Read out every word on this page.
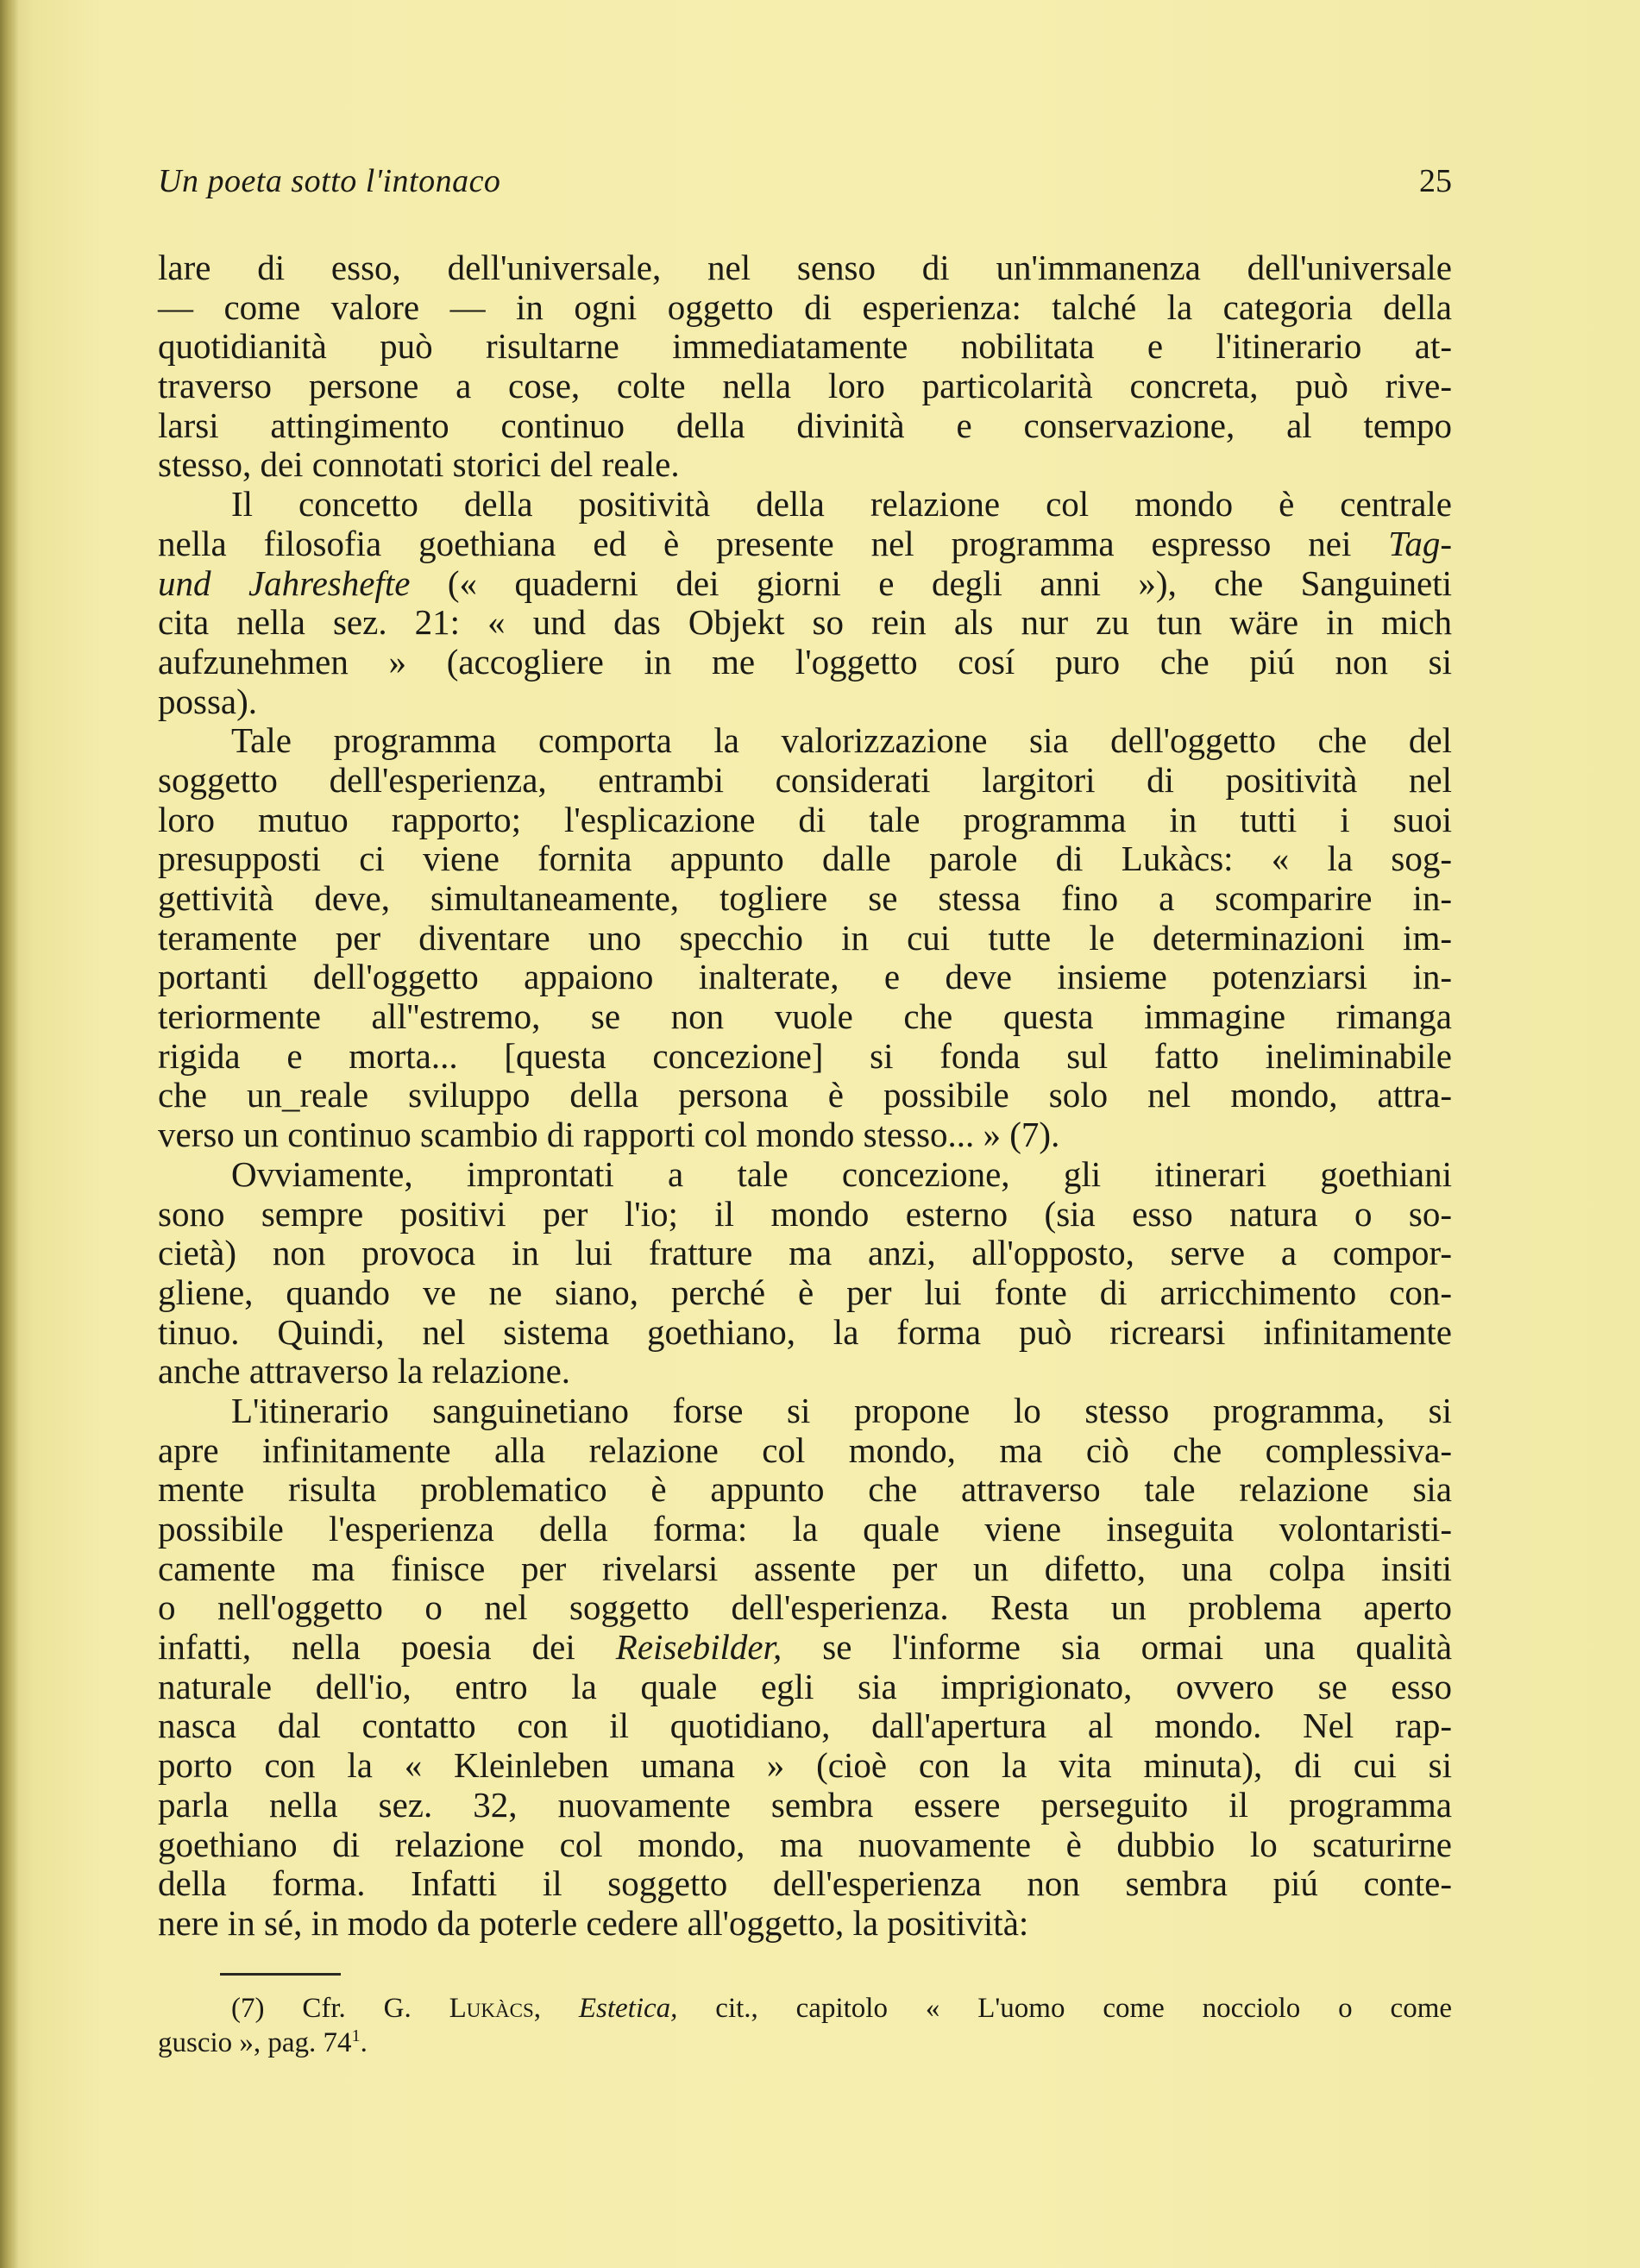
Un poeta sotto l'intonaco	25
lare di esso, dell'universale, nel senso di un'immanenza dell'universale
— come valore — in ogni oggetto di esperienza: talché la categoria della
quotidianità può risultarne immediatamente nobilitata e l'itinerario at-
traverso persone a cose, colte nella loro particolarità concreta, può rive-
larsi attingimento continuo della divinità e conservazione, al tempo
stesso, dei connotati storici del reale.
Il concetto della positività della relazione col mondo è centrale
nella filosofia goethiana ed è presente nel programma espresso nei Tag-
und Jahreshefte (« quaderni dei giorni e degli anni »), che Sanguineti
cita nella sez. 21: « und das Objekt so rein als nur zu tun wäre in mich
aufzunehmen » (accogliere in me l'oggetto cosí puro che piú non si
possa).
Tale programma comporta la valorizzazione sia dell'oggetto che del
soggetto dell'esperienza, entrambi considerati largitori di positività nel
loro mutuo rapporto; l'esplicazione di tale programma in tutti i suoi
presupposti ci viene fornita appunto dalle parole di Lukàcs: « la sog-
gettività deve, simultaneamente, togliere se stessa fino a scomparire in-
teramente per diventare uno specchio in cui tutte le determinazioni im-
portanti dell'oggetto appaiono inalterate, e deve insieme potenziarsi in-
teriormente all''estremo, se non vuole che questa immagine rimanga
rigida e morta... [questa concezione] si fonda sul fatto ineliminabile
che un_reale sviluppo della persona è possibile solo nel mondo, attra-
verso un continuo scambio di rapporti col mondo stesso... » (7).
Ovviamente, improntati a tale concezione, gli itinerari goethiani
sono sempre positivi per l'io; il mondo esterno (sia esso natura o so-
cietà) non provoca in lui fratture ma anzi, all'opposto, serve a compor-
gliene, quando ve ne siano, perché è per lui fonte di arricchimento con-
tinuo. Quindi, nel sistema goethiano, la forma può ricrearsi infinitamente
anche attraverso la relazione.
L'itinerario sanguinetiano forse si propone lo stesso programma, si
apre infinitamente alla relazione col mondo, ma ciò che complessiva-
mente risulta problematico è appunto che attraverso tale relazione sia
possibile l'esperienza della forma: la quale viene inseguita volontaristi-
camente ma finisce per rivelarsi assente per un difetto, una colpa insiti
o nell'oggetto o nel soggetto dell'esperienza. Resta un problema aperto
infatti, nella poesia dei Reisebilder, se l'informe sia ormai una qualità
naturale dell'io, entro la quale egli sia imprigionato, ovvero se esso
nasca dal contatto con il quotidiano, dall'apertura al mondo. Nel rap-
porto con la « Kleinleben umana » (cioè con la vita minuta), di cui si
parla nella sez. 32, nuovamente sembra essere perseguito il programma
goethiano di relazione col mondo, ma nuovamente è dubbio lo scaturirne
della forma. Infatti il soggetto dell'esperienza non sembra piú conte-
nere in sé, in modo da poterle cedere all'oggetto, la positività:
(7) Cfr. G. Lukàcs, Estetica, cit., capitolo « L'uomo come nocciolo o come
guscio », pag. $74^1$.
